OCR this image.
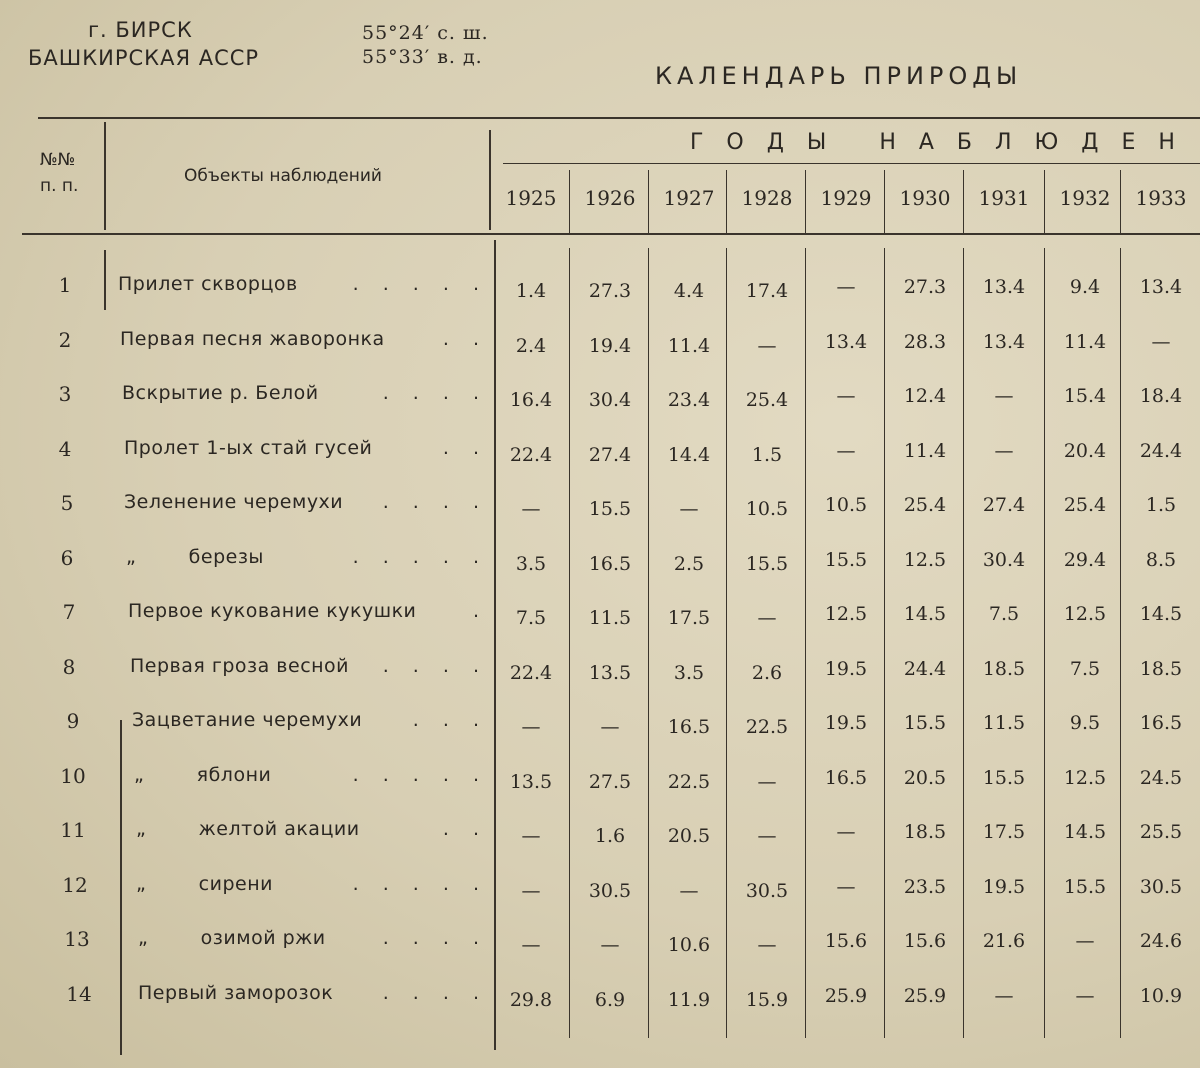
г. БИРСК
БАШКИРСКАЯ АССР
55°24′ с. ш.
55°33′ в. д.
КАЛЕНДАРЬ ПРИРОДЫ
№№
п. п.	Объекты наблюдений
ГОДЫ НАБЛЮДЕН
1925	1926	1927	1928	1929	1930	1931	1932	1933
1	Прилет скворцов	. . . . .	1.4	27.3	4.4	17.4	—	27.3	13.4	9.4	13.4
2	Первая песня жаворонка	. .	2.4	19.4	11.4	—	13.4	28.3	13.4	11.4	—
3	Вскрытие р. Белой	. . . .	16.4	30.4	23.4	25.4	—	12.4	—	15.4	18.4
4	Пролет 1-ых стай гусей	. .	22.4	27.4	14.4	1.5	—	11.4	—	20.4	24.4
5	Зеленение черемухи . . . .	—	15.5	—	10.5	10.5	25.4	27.4	25.4	1.5
6	„        березы	. . . . .	3.5	16.5	2.5	15.5	15.5	12.5	30.4	29.4	8.5
7	Первое кукование кукушки	.	7.5	11.5	17.5	—	12.5	14.5	7.5	12.5	14.5
8	Первая гроза весной . . . .	22.4	13.5	3.5	2.6	19.5	24.4	18.5	7.5	18.5
9	Зацветание черемухи	. . .	—	—	16.5	22.5	19.5	15.5	11.5	9.5	16.5
10	„        яблони	. . . . .	13.5	27.5	22.5	—	16.5	20.5	15.5	12.5	24.5
11	„        желтой акации	. .	—	1.6	20.5	—	—	18.5	17.5	14.5	25.5
12	„        сирени	. . . . .	—	30.5	—	30.5	—	23.5	19.5	15.5	30.5
13	„        озимой ржи	. . . .	—	—	10.6	—	15.6	15.6	21.6	—	24.6
14	Первый заморозок	. . . .	29.8	6.9	11.9	15.9	25.9	25.9	—	—	10.9
